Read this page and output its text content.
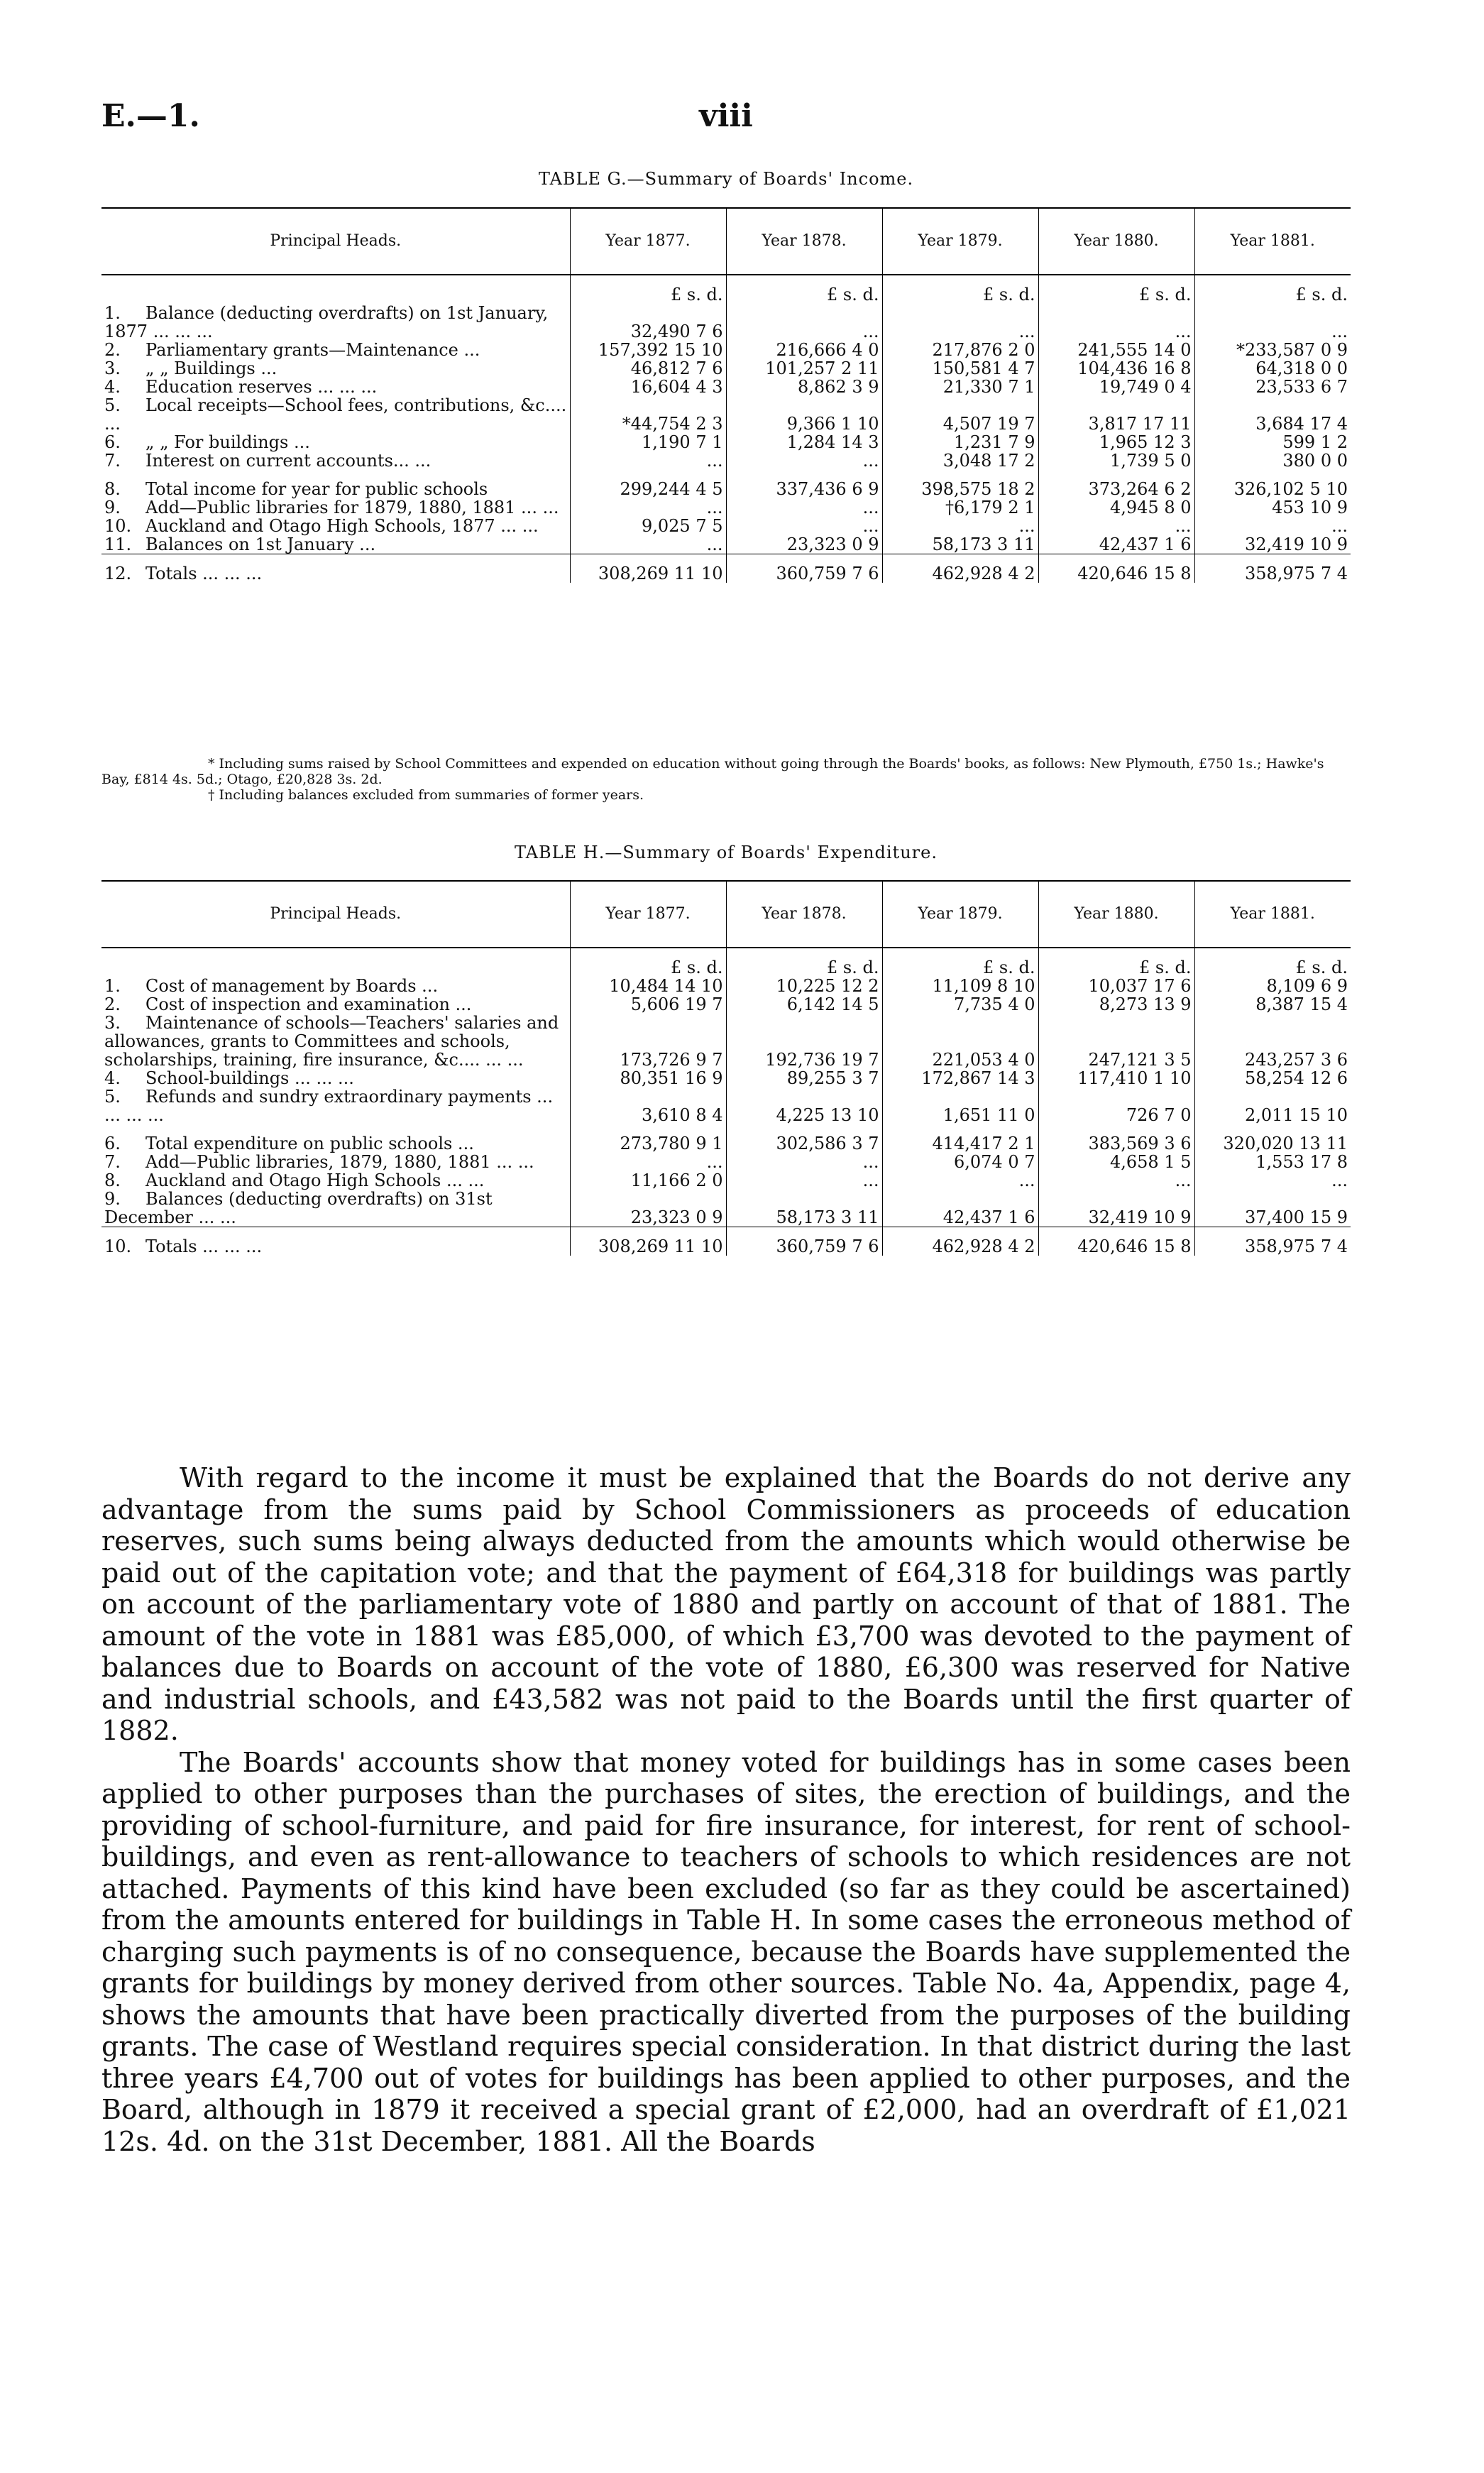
E.—1.	viii
TABLE G.—Summary of Boards' Income.
Principal Heads.	Year 1877.	Year 1878.	Year 1879.	Year 1880.	Year 1881.

	£ s. d.	£ s. d.	£ s. d.	£ s. d.	£ s. d.
1. Balance (deducting overdrafts) on 1st January, 1877 ... ... ...	32,490 7 6	...	...	...	...
2. Parliamentary grants—Maintenance ...	157,392 15 10	216,666 4 0	217,876 2 0	241,555 14 0	*233,587 0 9
3. „ „ Buildings ...	46,812 7 6	101,257 2 11	150,581 4 7	104,436 16 8	64,318 0 0
4. Education reserves ... ... ...	16,604 4 3	8,862 3 9	21,330 7 1	19,749 0 4	23,533 6 7
5. Local receipts—School fees, contributions, &c.... ...	*44,754 2 3	9,366 1 10	4,507 19 7	3,817 17 11	3,684 17 4
6. „ „ For buildings ...	1,190 7 1	1,284 14 3	1,231 7 9	1,965 12 3	599 1 2
7. Interest on current accounts... ...	...	...	3,048 17 2	1,739 5 0	380 0 0

8. Total income for year for public schools	299,244 4 5	337,436 6 9	398,575 18 2	373,264 6 2	326,102 5 10
9. Add—Public libraries for 1879, 1880, 1881 ... ...	...	...	†6,179 2 1	4,945 8 0	453 10 9
10. Auckland and Otago High Schools, 1877 ... ...	9,025 7 5	...	...	...	...
11. Balances on 1st January ...	...	23,323 0 9	58,173 3 11	42,437 1 6	32,419 10 9
12. Totals ... ... ...	308,269 11 10	360,759 7 6	462,928 4 2	420,646 15 8	358,975 7 4
* Including sums raised by School Committees and expended on education without going through the Boards' books, as follows: New Plymouth, £750 1s.; Hawke's Bay, £814 4s. 5d.; Otago, £20,828 3s. 2d.
† Including balances excluded from summaries of former years.
TABLE H.—Summary of Boards' Expenditure.
Principal Heads.	Year 1877.	Year 1878.	Year 1879.	Year 1880.	Year 1881.

	£ s. d.	£ s. d.	£ s. d.	£ s. d.	£ s. d.
1. Cost of management by Boards ...	10,484 14 10	10,225 12 2	11,109 8 10	10,037 17 6	8,109 6 9
2. Cost of inspection and examination ...	5,606 19 7	6,142 14 5	7,735 4 0	8,273 13 9	8,387 15 4
3. Maintenance of schools—Teachers' salaries and allowances, grants to Committees and schools, scholarships, training, fire insurance, &c.... ... ...	173,726 9 7	192,736 19 7	221,053 4 0	247,121 3 5	243,257 3 6
4. School-buildings ... ... ...	80,351 16 9	89,255 3 7	172,867 14 3	117,410 1 10	58,254 12 6
5. Refunds and sundry extraordinary payments ... ... ... ...	3,610 8 4	4,225 13 10	1,651 11 0	726 7 0	2,011 15 10

6. Total expenditure on public schools ...	273,780 9 1	302,586 3 7	414,417 2 1	383,569 3 6	320,020 13 11
7. Add—Public libraries, 1879, 1880, 1881 ... ...	...	...	6,074 0 7	4,658 1 5	1,553 17 8
8. Auckland and Otago High Schools ... ...	11,166 2 0	...	...	...	...
9. Balances (deducting overdrafts) on 31st December ... ...	23,323 0 9	58,173 3 11	42,437 1 6	32,419 10 9	37,400 15 9
10. Totals ... ... ...	308,269 11 10	360,759 7 6	462,928 4 2	420,646 15 8	358,975 7 4

With regard to the income it must be explained that the Boards do not derive any advantage from the sums paid by School Commissioners as proceeds of education reserves, such sums being always deducted from the amounts which would otherwise be paid out of the capitation vote; and that the payment of £64,318 for buildings was partly on account of the parliamentary vote of 1880 and partly on account of that of 1881. The amount of the vote in 1881 was £85,000, of which £3,700 was devoted to the payment of balances due to Boards on account of the vote of 1880, £6,300 was reserved for Native and industrial schools, and £43,582 was not paid to the Boards until the first quarter of 1882.

The Boards' accounts show that money voted for buildings has in some cases been applied to other purposes than the purchases of sites, the erection of buildings, and the providing of school-furniture, and paid for fire insurance, for interest, for rent of school-buildings, and even as rent-allowance to teachers of schools to which residences are not attached. Payments of this kind have been excluded (so far as they could be ascertained) from the amounts entered for buildings in Table H. In some cases the erroneous method of charging such payments is of no consequence, because the Boards have supplemented the grants for buildings by money derived from other sources. Table No. 4a, Appendix, page 4, shows the amounts that have been practically diverted from the purposes of the building grants. The case of Westland requires special consideration. In that district during the last three years £4,700 out of votes for buildings has been applied to other purposes, and the Board, although in 1879 it received a special grant of £2,000, had an overdraft of £1,021 12s. 4d. on the 31st December, 1881. All the Boards
